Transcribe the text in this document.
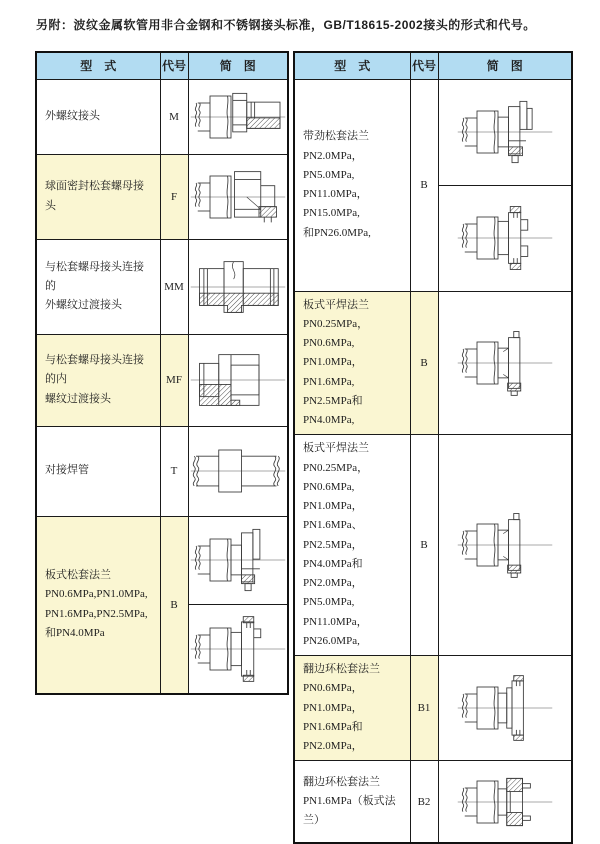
另附：波纹金属软管用非合金钢和不锈钢接头标准，GB/T18615-2002接头的形式和代号。
型　式	代号	简　图

外螺纹接头	M	

球面密封松套螺母接头	F	

与松套螺母接头连接的
外螺纹过渡接头	MM	

与松套螺母接头连接的内
螺纹过渡接头	MF	

对接焊管	T	

板式松套法兰
PN0.6MPa,PN1.0MPa,
PN1.6MPa,PN2.5MPa,
和PN4.0MPa	B	
型　式	代号	简　图

带劲松套法兰
PN2.0MPa，PN5.0MPa,
PN11.0MPa，PN15.0MPa,
和PN26.0MPa,	B	

板式平焊法兰
PN0.25MPa，PN0.6MPa,
PN1.0MPa，PN1.6MPa,
PN2.5MPa和PN4.0MPa,	B	

板式平焊法兰
PN0.25MPa，PN0.6MPa,
PN1.0MPa，PN1.6MPa、
PN2.5MPa，PN4.0MPa和
PN2.0MPa，PN5.0MPa,
PN11.0MPa，PN26.0MPa,
	B	

翻边环松套法兰
PN0.6MPa，PN1.0MPa，
PN1.6MPa和PN2.0MPa，	B1	

翻边环松套法兰
PN1.6MPa（板式法兰）	B2	
